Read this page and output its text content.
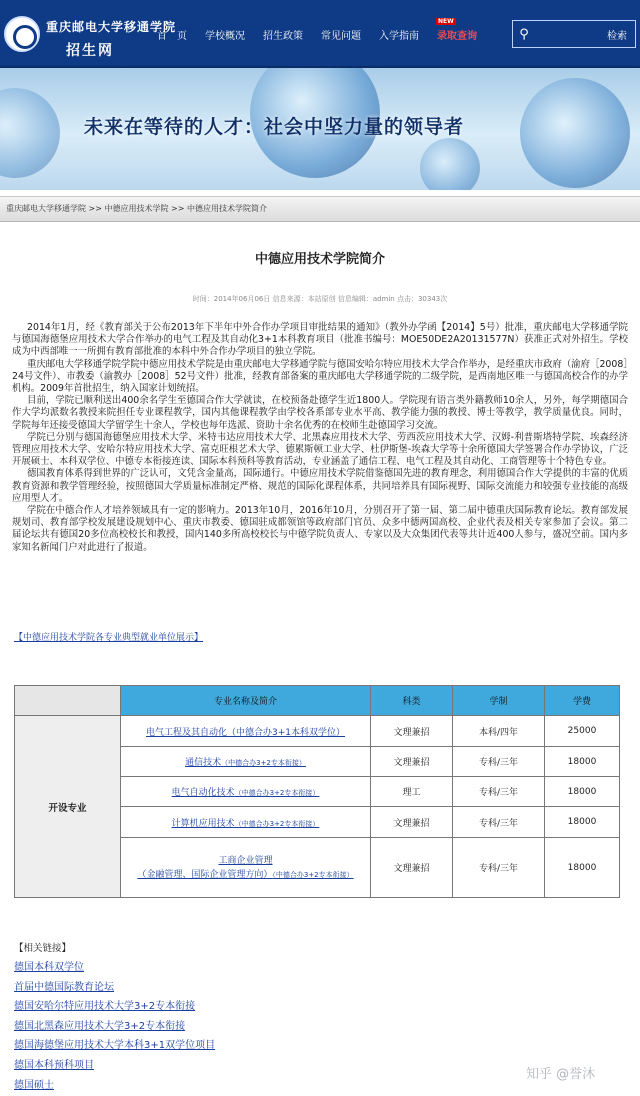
重庆邮电大学移通学院
招生网
首　页	学校概况	招生政策	常见问题	入学指南
NEW
录取查询	⚲	检索
未来在等待的人才：社会中坚力量的领导者
重庆邮电大学移通学院 >> 中德应用技术学院 >> 中德应用技术学院简介
中德应用技术学院简介
时间：2014年06月06日 信息来源：本站原创 信息编辑：admin 点击：30343次

2014年1月，经《教育部关于公布2013年下半年中外合作办学项目审批结果的通知》（教外办学函【2014】5号）批准，重庆邮电大学移通学院与德国海德堡应用技术大学合作举办的电气工程及其自动化3+1本科教育项目（批准书编号：MOE50DE2A20131577N）获准正式对外招生。学校成为中西部唯一一所拥有教育部批准的本科中外合作办学项目的独立学院。

重庆邮电大学移通学院学院中德应用技术学院是由重庆邮电大学移通学院与德国安哈尔特应用技术大学合作举办，是经重庆市政府（渝府［2008］24号文件）、市教委（渝教办［2008］52号文件）批准，经教育部备案的重庆邮电大学移通学院的二级学院，是西南地区唯一与德国高校合作的办学机构。2009年首批招生，纳入国家计划统招。

目前，学院已顺利送出400余名学生至德国合作大学就读，在校预备赴德学生近1800人。学院现有语言类外籍教师10余人，另外，每学期德国合作大学均派数名教授来院担任专业课程教学，国内其他课程教学由学校各系部专业水平高、教学能力强的教授、博士等教学，教学质量优良。同时，学院每年还接受德国大学留学生十余人，学校也每年选派、资助十余名优秀的在校师生赴德国学习交流。

学院已分别与德国海德堡应用技术大学、米特韦达应用技术大学、北黑森应用技术大学、劳西茨应用技术大学、汉姆-利普斯塔特学院、埃森经济管理应用技术大学、安哈尔特应用技术大学、富克旺根艺术大学、德累斯顿工业大学、杜伊斯堡-埃森大学等十余所德国大学签署合作办学协议，广泛开展硕士、本科双学位、中德专本衔接连读、国际本科预科等教育活动，专业涵盖了通信工程、电气工程及其自动化、工商管理等十个特色专业。

德国教育体系得到世界的广泛认可，文凭含金量高，国际通行。中德应用技术学院借鉴德国先进的教育理念，利用德国合作大学提供的丰富的优质教育资源和教学管理经验，按照德国大学质量标准制定严格、规范的国际化课程体系，共同培养具有国际视野、国际交流能力和较强专业技能的高级应用型人才。

学院在中德合作人才培养领域具有一定的影响力。2013年10月，2016年10月，分别召开了第一届、第二届中德重庆国际教育论坛。教育部发展规划司、教育部学校发展建设规划中心、重庆市教委、德国驻成都领馆等政府部门官员、众多中德两国高校、企业代表及相关专家参加了会议。第二届论坛共有德国20多位高校校长和教授，国内140多所高校校长与中德学院负责人、专家以及大众集团代表等共计近400人参与，盛况空前。国内多家知名新闻门户对此进行了报道。

【中德应用技术学院各专业典型就业单位展示】
	专业名称及简介	科类	学制	学费
开设专业	电气工程及其自动化（中德合办3+1本科双学位）	文理兼招	本科/四年	25000
	通信技术（中德合办3+2专本衔接）	文理兼招	专科/三年	18000
	电气自动化技术（中德合办3+2专本衔接）	理工	专科/三年	18000
	计算机应用技术（中德合办3+2专本衔接）	文理兼招	专科/三年	18000
	工商企业管理
（金融管理、国际企业管理方向）（中德合办3+2专本衔接）	文理兼招	专科/三年	18000
【相关链接】
德国本科双学位
首届中德国际教育论坛
德国安哈尔特应用技术大学3+2专本衔接
德国北黑森应用技术大学3+2专本衔接
德国海德堡应用技术大学本科3+1双学位项目
德国本科预科项目
德国硕士
知乎 @誉沐
